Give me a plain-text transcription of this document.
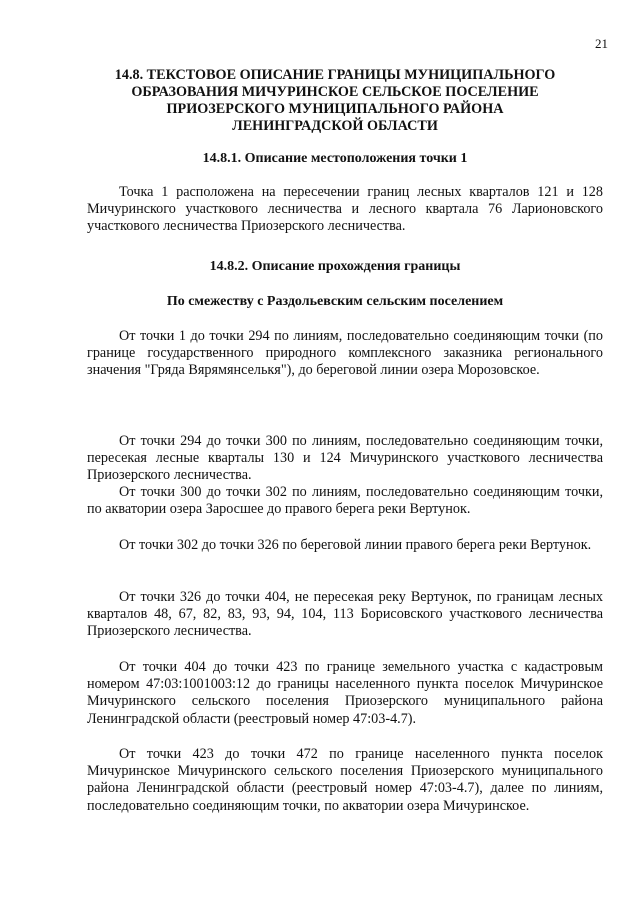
21
14.8. ТЕКСТОВОЕ ОПИСАНИЕ ГРАНИЦЫ МУНИЦИПАЛЬНОГО
ОБРАЗОВАНИЯ МИЧУРИНСКОЕ СЕЛЬСКОЕ ПОСЕЛЕНИЕ
ПРИОЗЕРСКОГО МУНИЦИПАЛЬНОГО РАЙОНА
ЛЕНИНГРАДСКОЙ ОБЛАСТИ
14.8.1. Описание местоположения точки 1
Точка 1 расположена на пересечении границ лесных кварталов 121 и 128 Мичуринского участкового лесничества и лесного квартала 76 Ларионовского участкового лесничества Приозерского лесничества.
14.8.2. Описание прохождения границы
По смежеству с Раздольевским сельским поселением
От точки 1 до точки 294 по линиям, последовательно соединяющим точки (по границе государственного природного комплексного заказника регионального значения "Гряда Вярямянселькя"), до береговой линии озера Морозовское.
От точки 294 до точки 300 по линиям, последовательно соединяющим точки, пересекая лесные кварталы 130 и 124 Мичуринского участкового лесничества Приозерского лесничества.
От точки 300 до точки 302 по линиям, последовательно соединяющим точки, по акватории озера Заросшее до правого берега реки Вертунок.
От точки 302 до точки 326 по береговой линии правого берега реки Вертунок.
От точки 326 до точки 404, не пересекая реку Вертунок, по границам лесных кварталов 48, 67, 82, 83, 93, 94, 104, 113 Борисовского участкового лесничества Приозерского лесничества.
От точки 404 до точки 423 по границе земельного участка с кадастровым номером 47:03:1001003:12 до границы населенного пункта поселок Мичуринское Мичуринского сельского поселения Приозерского муниципального района Ленинградской области (реестровый номер 47:03-4.7).
От точки 423 до точки 472 по границе населенного пункта поселок Мичуринское Мичуринского сельского поселения Приозерского муниципального района Ленинградской области (реестровый номер 47:03-4.7), далее по линиям, последовательно соединяющим точки, по акватории озера Мичуринское.
